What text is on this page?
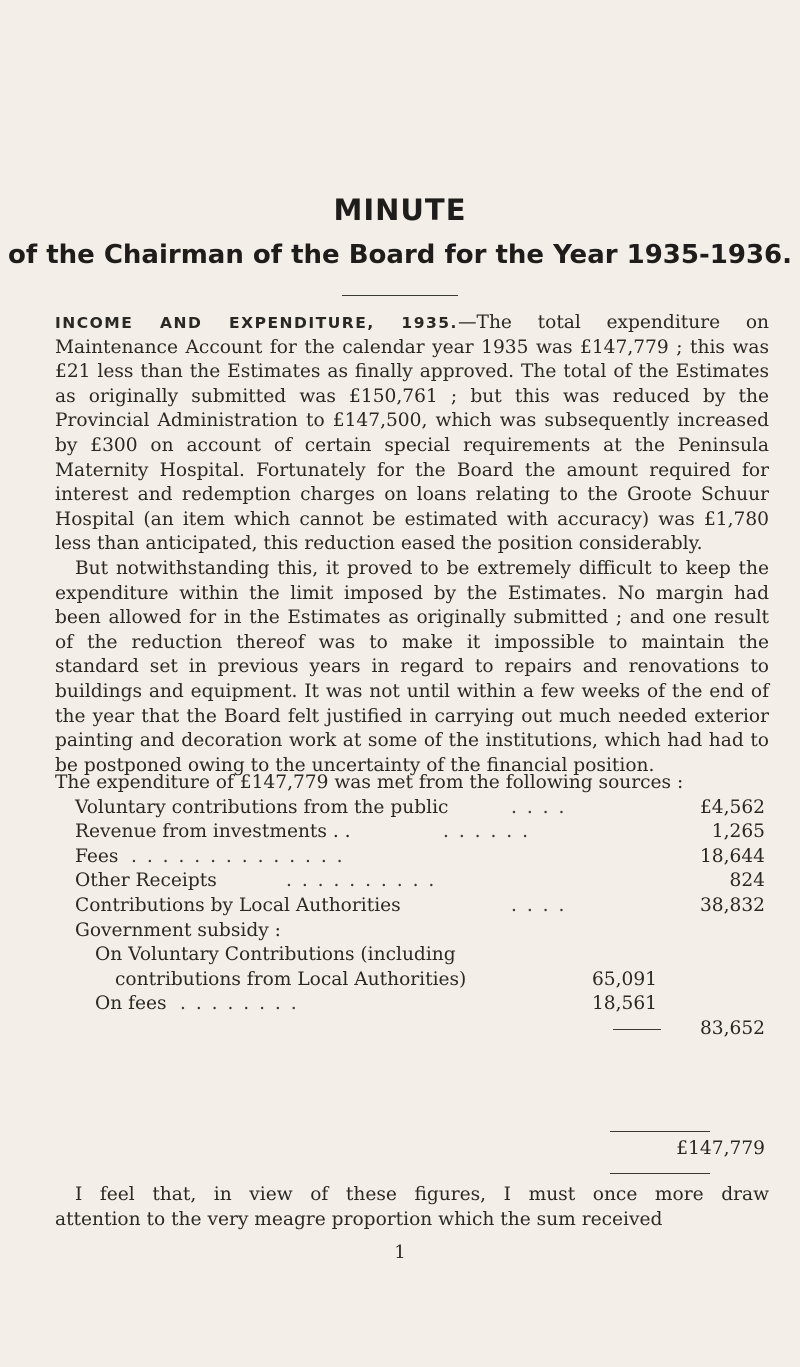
MINUTE
of the Chairman of the Board for the Year 1935-1936.

INCOME AND EXPENDITURE, 1935.—The total expenditure on Maintenance Account for the calendar year 1935 was £147,779 ; this was £21 less than the Estimates as finally approved. The total of the Estimates as originally submitted was £150,761 ; but this was reduced by the Provincial Administration to £147,500, which was subsequently increased by £300 on account of certain special requirements at the Peninsula Maternity Hospital. Fortunately for the Board the amount required for interest and redemption charges on loans relating to the Groote Schuur Hospital (an item which cannot be estimated with accuracy) was £1,780 less than anticipated, this reduction eased the position considerably.

But notwithstanding this, it proved to be extremely difficult to keep the expenditure within the limit imposed by the Estimates. No margin had been allowed for in the Estimates as originally submitted ; and one result of the reduction thereof was to make it impossible to maintain the standard set in previous years in regard to repairs and renovations to buildings and equipment. It was not until within a few weeks of the end of the year that the Board felt justified in carrying out much needed exterior painting and decoration work at some of the institutions, which had had to be postponed owing to the uncertainty of the financial position.

The expenditure of £147,779 was met from the following sources :
Voluntary contributions from the public	. . . .	£4,562
Revenue from investments . .	. . . . . .	1,265
Fees . . . . . . . . . . . . . .	18,644
Other Receipts	. . . . . . . . . .	824
Contributions by Local Authorities	. . . .	38,832
Government subsidy :
On Voluntary Contributions (including
contributions from Local Authorities)	65,091
On fees . . . . . . . .	18,561
83,652
£147,779

I feel that, in view of these figures, I must once more draw

attention to the very meagre proportion which the sum received

1
